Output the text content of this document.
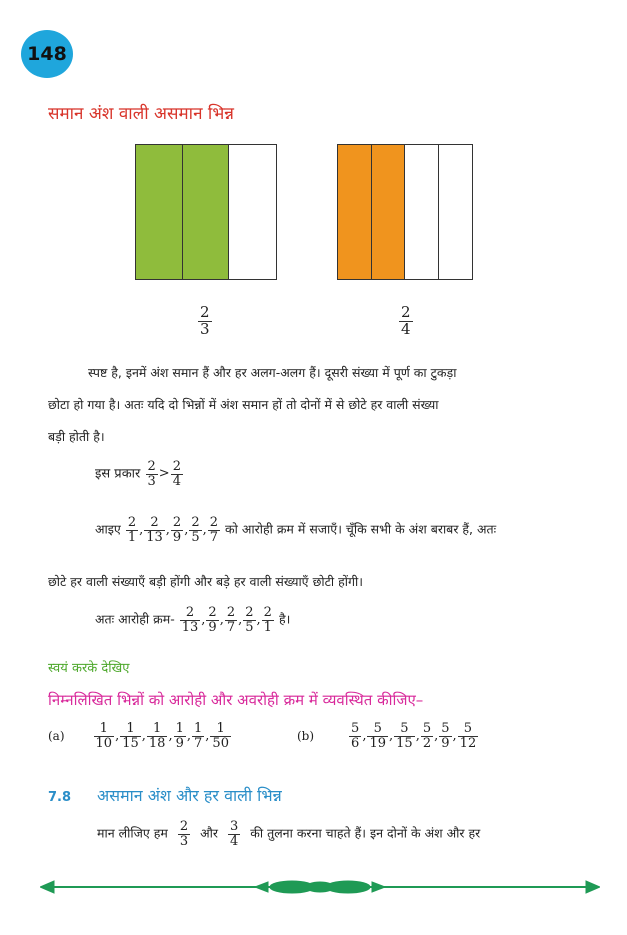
148
समान अंश वाली असमान भिन्न
$\frac{2}{3}$	$\frac{2}{4}$
स्पष्ट है, इनमें अंश समान हैं और हर अलग-अलग हैं। दूसरी संख्या में पूर्ण का टुकड़ा
छोटा हो गया है। अतः यदि दो भिन्नों में अंश समान हों तो दोनों में से छोटे हर वाली संख्या
बड़ी होती है।
इस प्रकार $\frac{2}{3} > \frac{2}{4}$
आइए $\frac{2}{1}$ , $\frac{2}{13}$ , $\frac{2}{9}$ , $\frac{2}{5}$ , $\frac{2}{7}$ को आरोही क्रम में सजाएँ। चूँकि सभी के अंश बराबर हैं, अतः
छोटे हर वाली संख्याएँ बड़ी होंगी और बड़े हर वाली संख्याएँ छोटी होंगी।
अतः आरोही क्रम- $\frac{2}{13}$ , $\frac{2}{9}$ , $\frac{2}{7}$ , $\frac{2}{5}$ , $\frac{2}{1}$ है।
स्वयं करके देखिए
निम्नलिखित भिन्नों को आरोही और अवरोही क्रम में व्यवस्थित कीजिए–
$(a) \frac{1}{10}$ , $\frac{1}{15}$ , $\frac{1}{18}$ , $\frac{1}{9}$ , $\frac{1}{7}$ , $\frac{1}{50}$	(b)	$\frac{5}{6}$ , $\frac{5}{19}$ , $\frac{5}{15}$ , $\frac{5}{2}$ , $\frac{5}{9}$ , $\frac{5}{12}$
7.8 असमान अंश और हर वाली भिन्न
मान लीजिए हम $\frac{2}{3}$ और $\frac{3}{4}$ की तुलना करना चाहते हैं। इन दोनों के अंश और हर
